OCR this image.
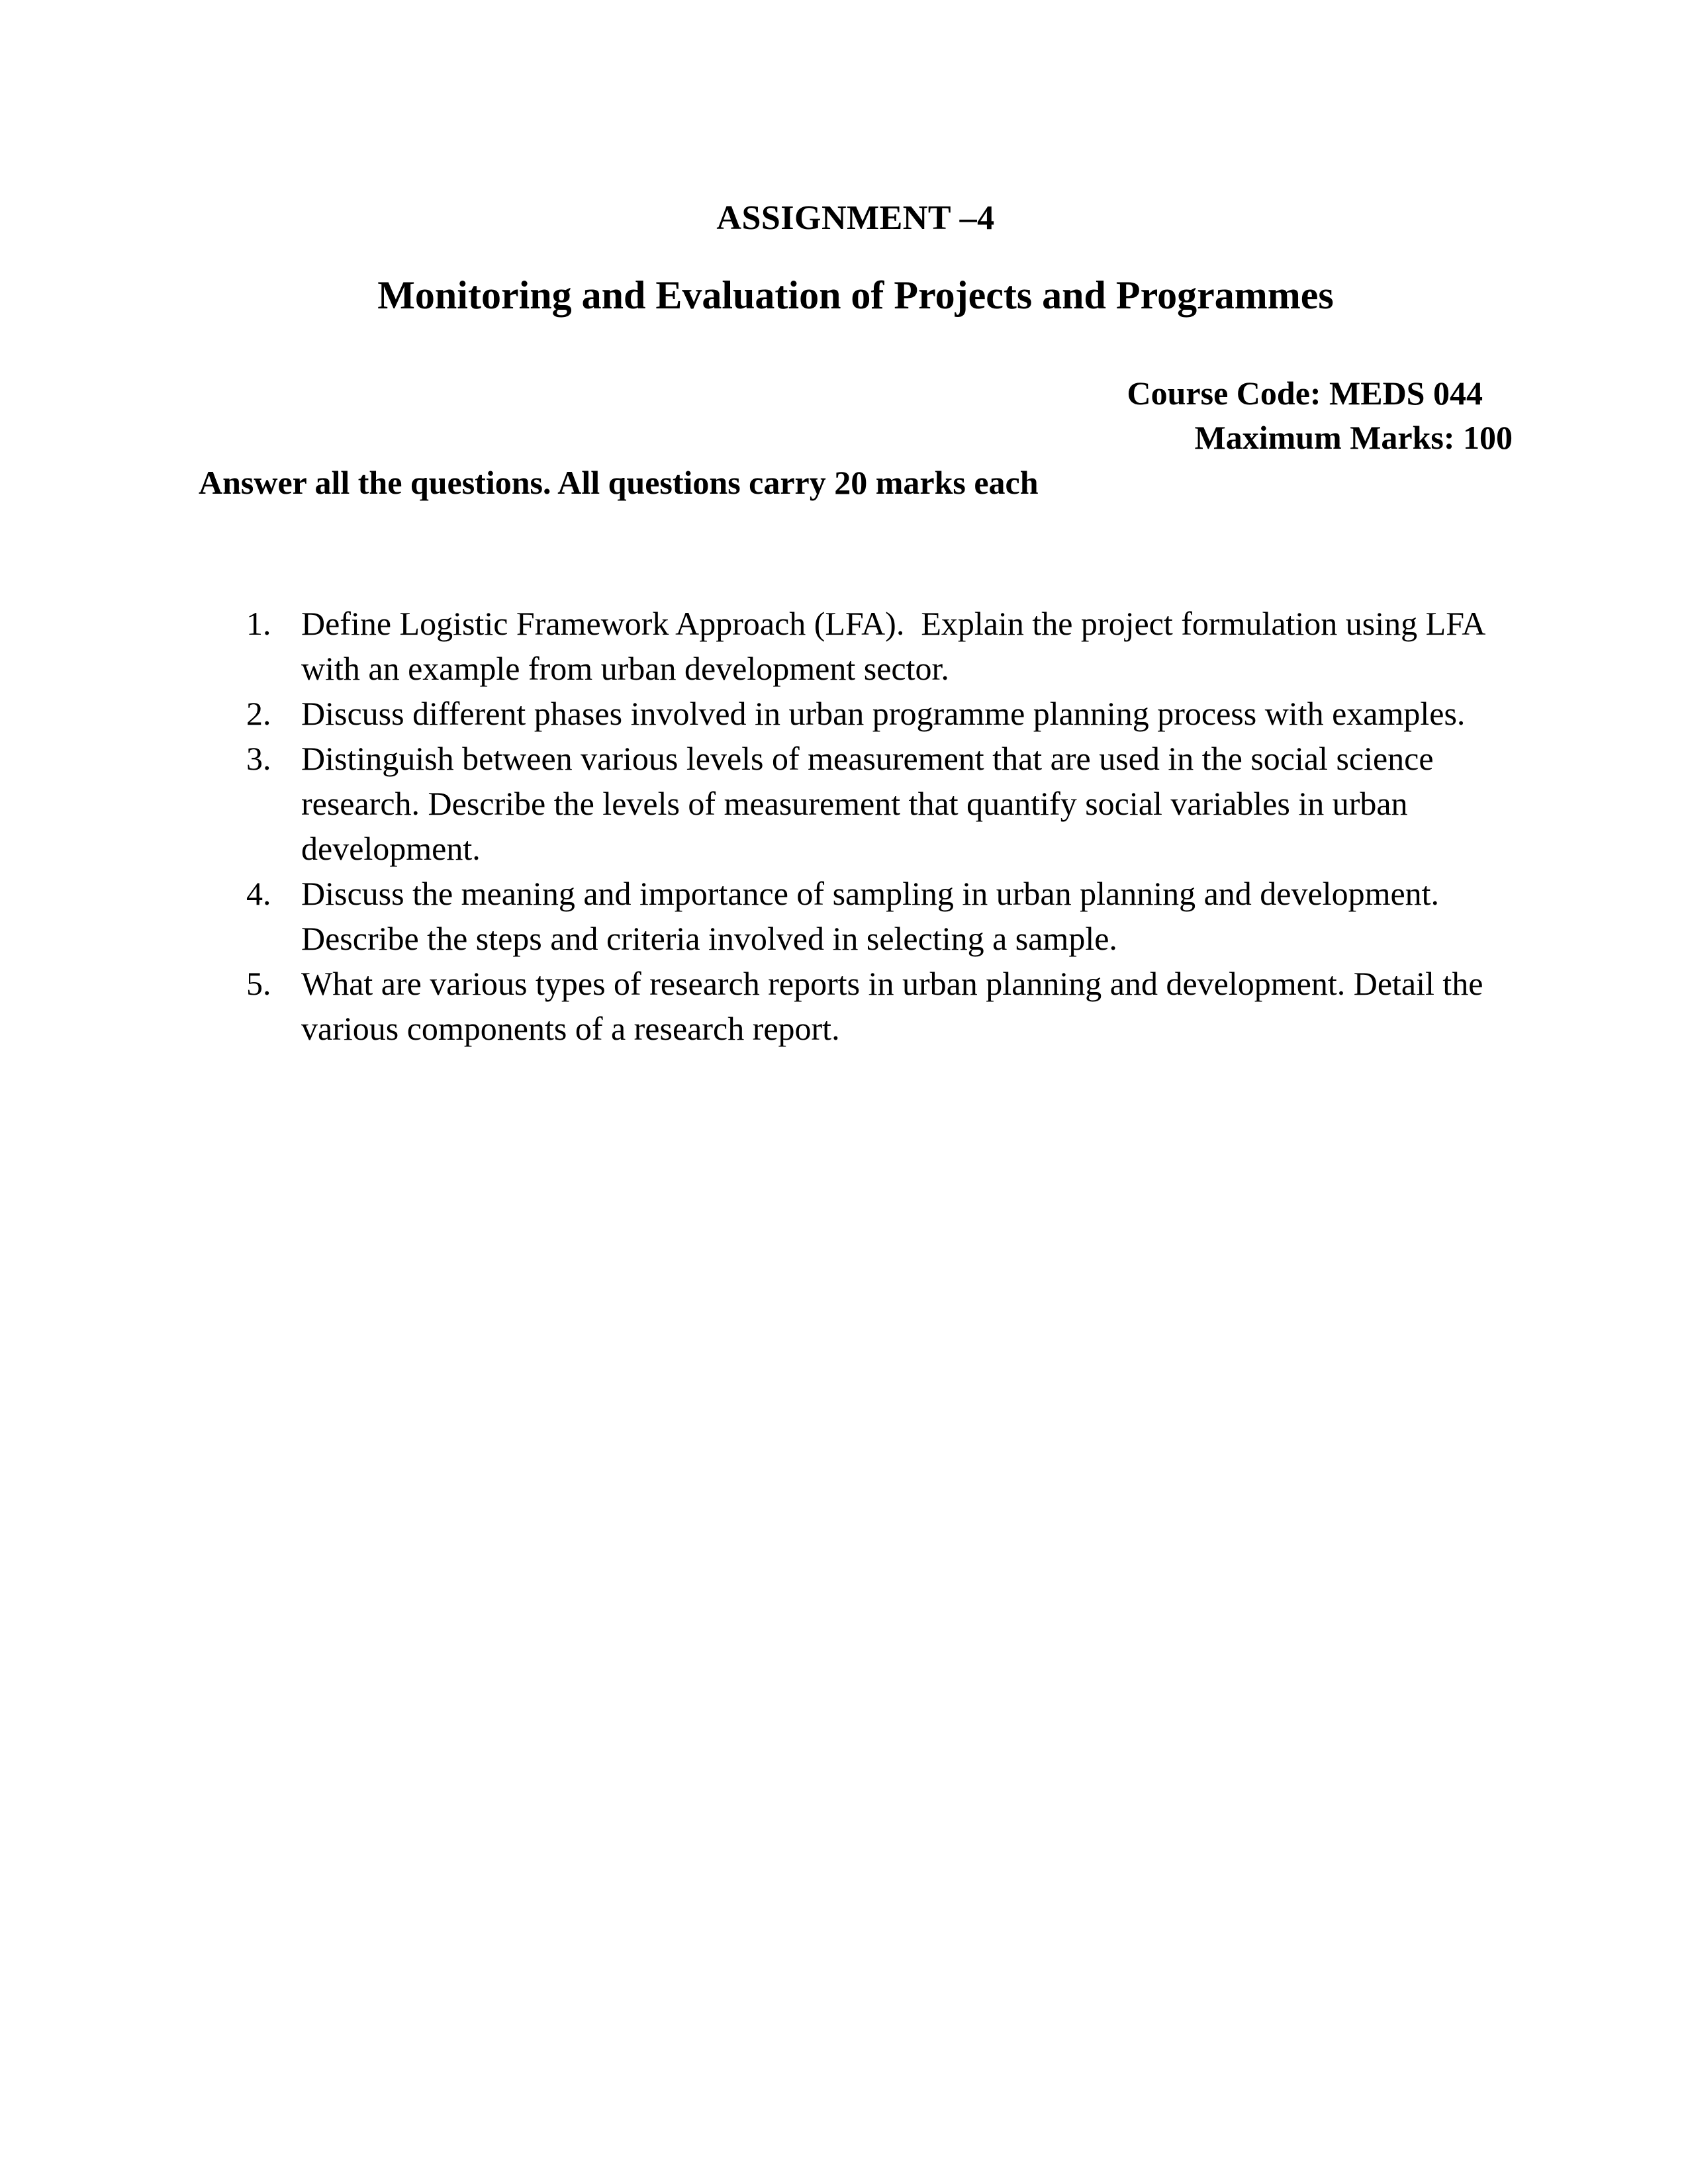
ASSIGNMENT –4
Monitoring and Evaluation of Projects and Programmes
Course Code: MEDS 044
Maximum Marks: 100
Answer all the questions. All questions carry 20 marks each
1. Define Logistic Framework Approach (LFA).  Explain the project formulation using LFA with an example from urban development sector.
2. Discuss different phases involved in urban programme planning process with examples.
3. Distinguish between various levels of measurement that are used in the social science research. Describe the levels of measurement that quantify social variables in urban development.
4. Discuss the meaning and importance of sampling in urban planning and development. Describe the steps and criteria involved in selecting a sample.
5. What are various types of research reports in urban planning and development. Detail the various components of a research report.
